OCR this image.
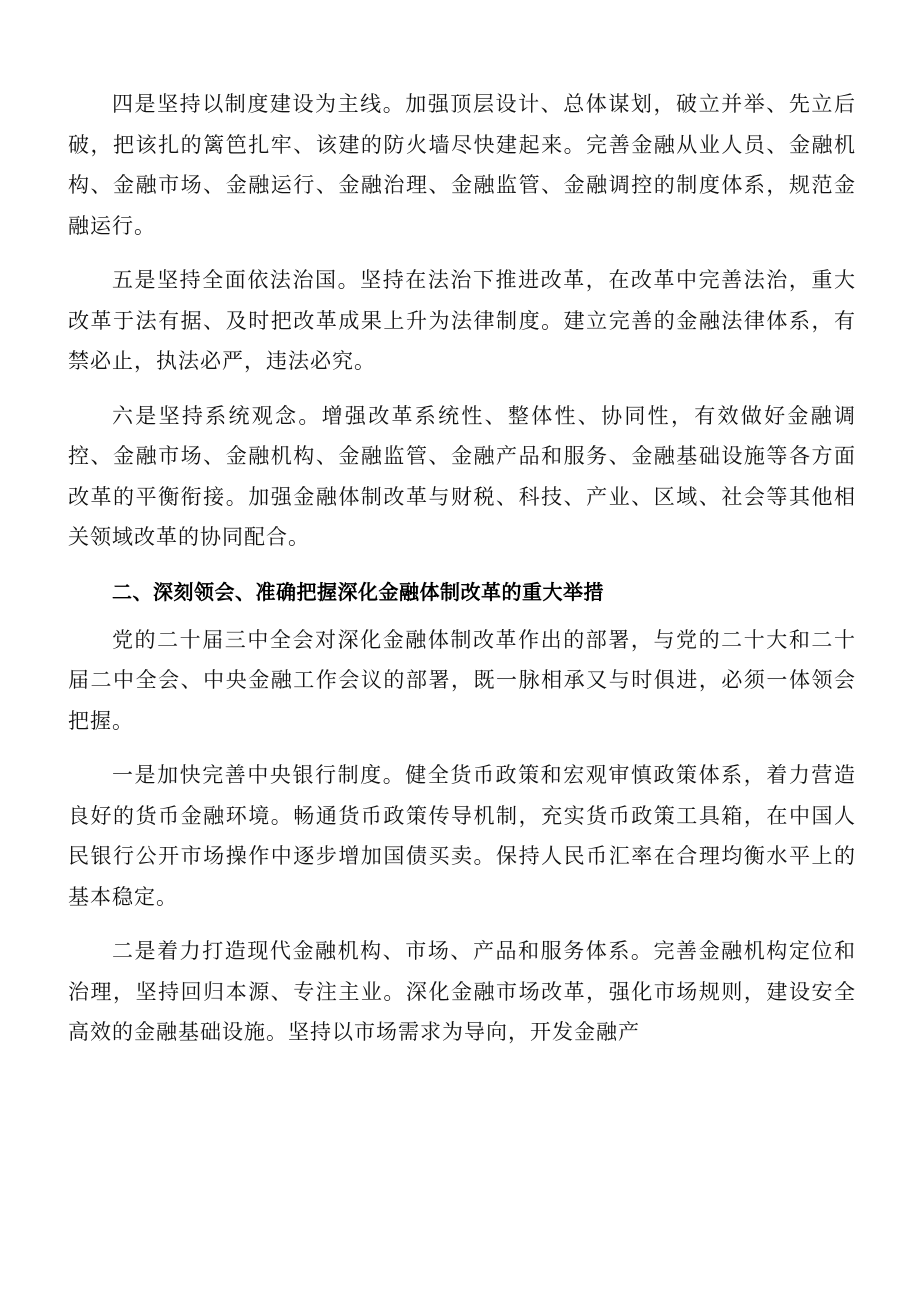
四是坚持以制度建设为主线。加强顶层设计、总体谋划，破立并举、先立后破，把该扎的篱笆扎牢、该建的防火墙尽快建起来。完善金融从业人员、金融机构、金融市场、金融运行、金融治理、金融监管、金融调控的制度体系，规范金融运行。

五是坚持全面依法治国。坚持在法治下推进改革，在改革中完善法治，重大改革于法有据、及时把改革成果上升为法律制度。建立完善的金融法律体系，有禁必止，执法必严，违法必究。

六是坚持系统观念。增强改革系统性、整体性、协同性，有效做好金融调控、金融市场、金融机构、金融监管、金融产品和服务、金融基础设施等各方面改革的平衡衔接。加强金融体制改革与财税、科技、产业、区域、社会等其他相关领域改革的协同配合。

二、深刻领会、准确把握深化金融体制改革的重大举措

党的二十届三中全会对深化金融体制改革作出的部署，与党的二十大和二十届二中全会、中央金融工作会议的部署，既一脉相承又与时俱进，必须一体领会把握。

一是加快完善中央银行制度。健全货币政策和宏观审慎政策体系，着力营造良好的货币金融环境。畅通货币政策传导机制，充实货币政策工具箱，在中国人民银行公开市场操作中逐步增加国债买卖。保持人民币汇率在合理均衡水平上的基本稳定。

二是着力打造现代金融机构、市场、产品和服务体系。完善金融机构定位和治理，坚持回归本源、专注主业。深化金融市场改革，强化市场规则，建设安全高效的金融基础设施。坚持以市场需求为导向，开发金融产
